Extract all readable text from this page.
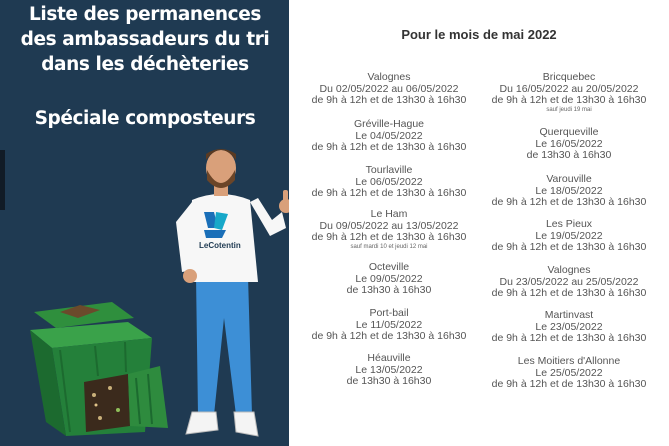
Liste des permanences
des ambassadeurs du tri
dans les déchèteries
Spéciale composteurs
LeCotentin
Pour le mois de mai 2022
Valognes
Du 02/05/2022 au 06/05/2022
de 9h à 12h et de 13h30 à 16h30
Gréville-Hague
Le 04/05/2022
de 9h à 12h et de 13h30 à 16h30
Tourlaville
Le 06/05/2022
de 9h à 12h et de 13h30 à 16h30
Le Ham
Du 09/05/2022 au 13/05/2022
de 9h à 12h et de 13h30 à 16h30
sauf mardi 10 et jeudi 12 mai
Octeville
Le 09/05/2022
de 13h30 à 16h30
Port-bail
Le 11/05/2022
de 9h à 12h et de 13h30 à 16h30
Héauville
Le 13/05/2022
de 13h30 à 16h30
Bricquebec
Du 16/05/2022 au 20/05/2022
de 9h à 12h et de 13h30 à 16h30
sauf jeudi 19 mai
Querqueville
Le 16/05/2022
de 13h30 à 16h30
Varouville
Le 18/05/2022
de 9h à 12h et de 13h30 à 16h30
Les Pieux
Le 19/05/2022
de 9h à 12h et de 13h30 à 16h30
Valognes
Du 23/05/2022 au 25/05/2022
de 9h à 12h et de 13h30 à 16h30
Martinvast
Le 23/05/2022
de 9h à 12h et de 13h30 à 16h30
Les Moitiers d'Allonne
Le 25/05/2022
de 9h à 12h et de 13h30 à 16h30
